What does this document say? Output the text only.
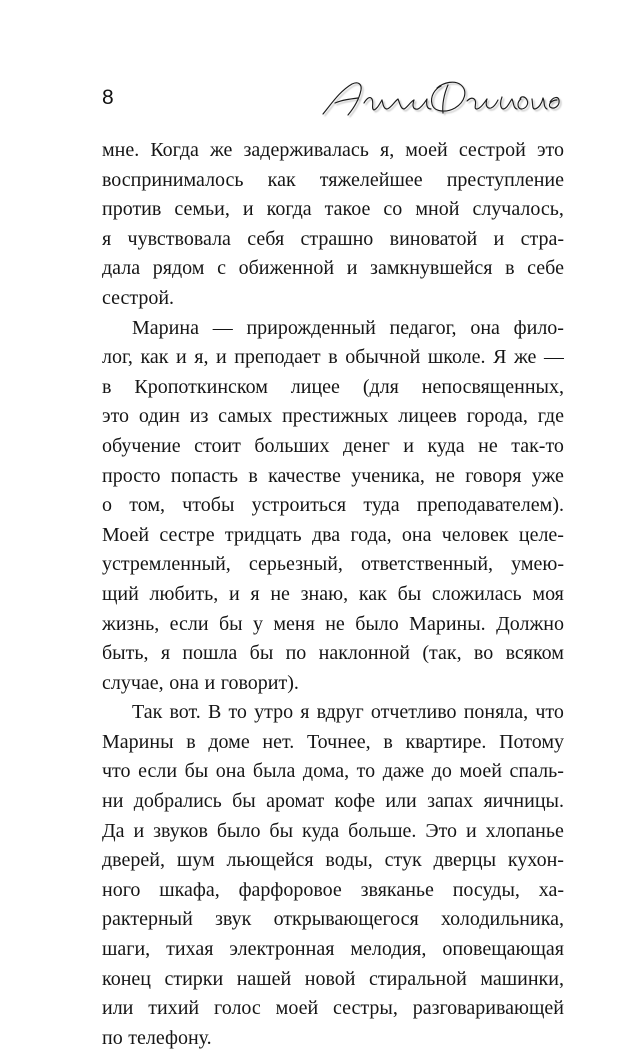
8
мне. Когда же задерживалась я, моей сестрой это
воспринималось как тяжелейшее преступление
против семьи, и когда такое со мной случалось,
я чувствовала себя страшно виноватой и стра-
дала рядом с обиженной и замкнувшейся в себе
сестрой.
Марина — прирожденный педагог, она фило-
лог, как и я, и преподает в обычной школе. Я же —
в Кропоткинском лицее (для непосвященных,
это один из самых престижных лицеев города, где
обучение стоит больших денег и куда не так-то
просто попасть в качестве ученика, не говоря уже
о том, чтобы устроиться туда преподавателем).
Моей сестре тридцать два года, она человек целе-
устремленный, серьезный, ответственный, умею-
щий любить, и я не знаю, как бы сложилась моя
жизнь, если бы у меня не было Марины. Должно
быть, я пошла бы по наклонной (так, во всяком
случае, она и говорит).
Так вот. В то утро я вдруг отчетливо поняла, что
Марины в доме нет. Точнее, в квартире. Потому
что если бы она была дома, то даже до моей спаль-
ни добрались бы аромат кофе или запах яичницы.
Да и звуков было бы куда больше. Это и хлопанье
дверей, шум льющейся воды, стук дверцы кухон-
ного шкафа, фарфоровое звяканье посуды, ха-
рактерный звук открывающегося холодильника,
шаги, тихая электронная мелодия, оповещающая
конец стирки нашей новой стиральной машинки,
или тихий голос моей сестры, разговаривающей
по телефону.
